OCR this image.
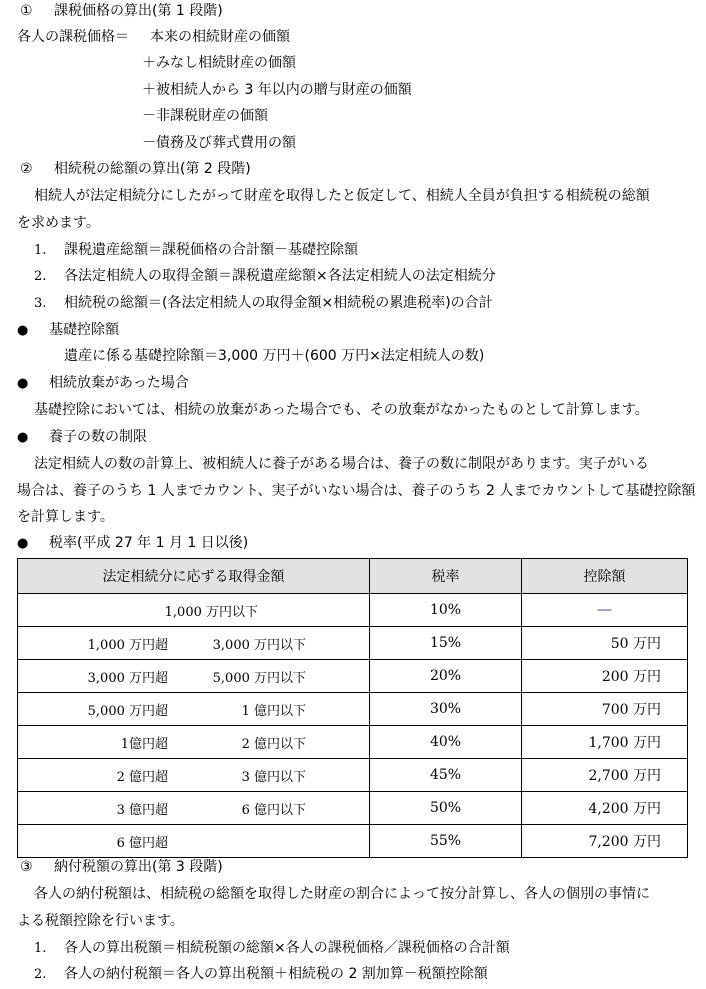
① 課税価格の算出(第 1 段階)
各人の課税価格＝ 本来の相続財産の価額
＋みなし相続財産の価額
＋被相続人から 3 年以内の贈与財産の価額
－非課税財産の価額
－債務及び葬式費用の額
② 相続税の総額の算出(第 2 段階)
相続人が法定相続分にしたがって財産を取得したと仮定して、相続人全員が負担する相続税の総額
を求めます。
1. 課税遺産総額＝課税価格の合計額－基礎控除額
2. 各法定相続人の取得金額＝課税遺産総額×各法定相続人の法定相続分
3. 相続税の総額＝(各法定相続人の取得金額×相続税の累進税率)の合計
● 基礎控除額
遺産に係る基礎控除額＝3,000 万円＋(600 万円×法定相続人の数)
● 相続放棄があった場合
基礎控除においては、相続の放棄があった場合でも、その放棄がなかったものとして計算します。
● 養子の数の制限
法定相続人の数の計算上、被相続人に養子がある場合は、養子の数に制限があります。実子がいる
場合は、養子のうち 1 人までカウント、実子がいない場合は、養子のうち 2 人までカウントして基礎控除額
を計算します。
● 税率(平成 27 年 1 月 1 日以後)
法定相続分に応ずる取得金額	税率	控除額

1,000 万円以下	10%	―

1,000 万円超 3,000 万円以下	15%	50 万円

3,000 万円超 5,000 万円以下	20%	200 万円

5,000 万円超 1 億円以下	30%	700 万円

1億円超 2 億円以下	40%	1,700 万円

2 億円超 3 億円以下	45%	2,700 万円

3 億円超 6 億円以下	50%	4,200 万円

6 億円超	55%	7,200 万円
③ 納付税額の算出(第 3 段階)
各人の納付税額は、相続税の総額を取得した財産の割合によって按分計算し、各人の個別の事情に
よる税額控除を行います。
1. 各人の算出税額＝相続税額の総額×各人の課税価格／課税価格の合計額
2. 各人の納付税額＝各人の算出税額＋相続税の 2 割加算－税額控除額
